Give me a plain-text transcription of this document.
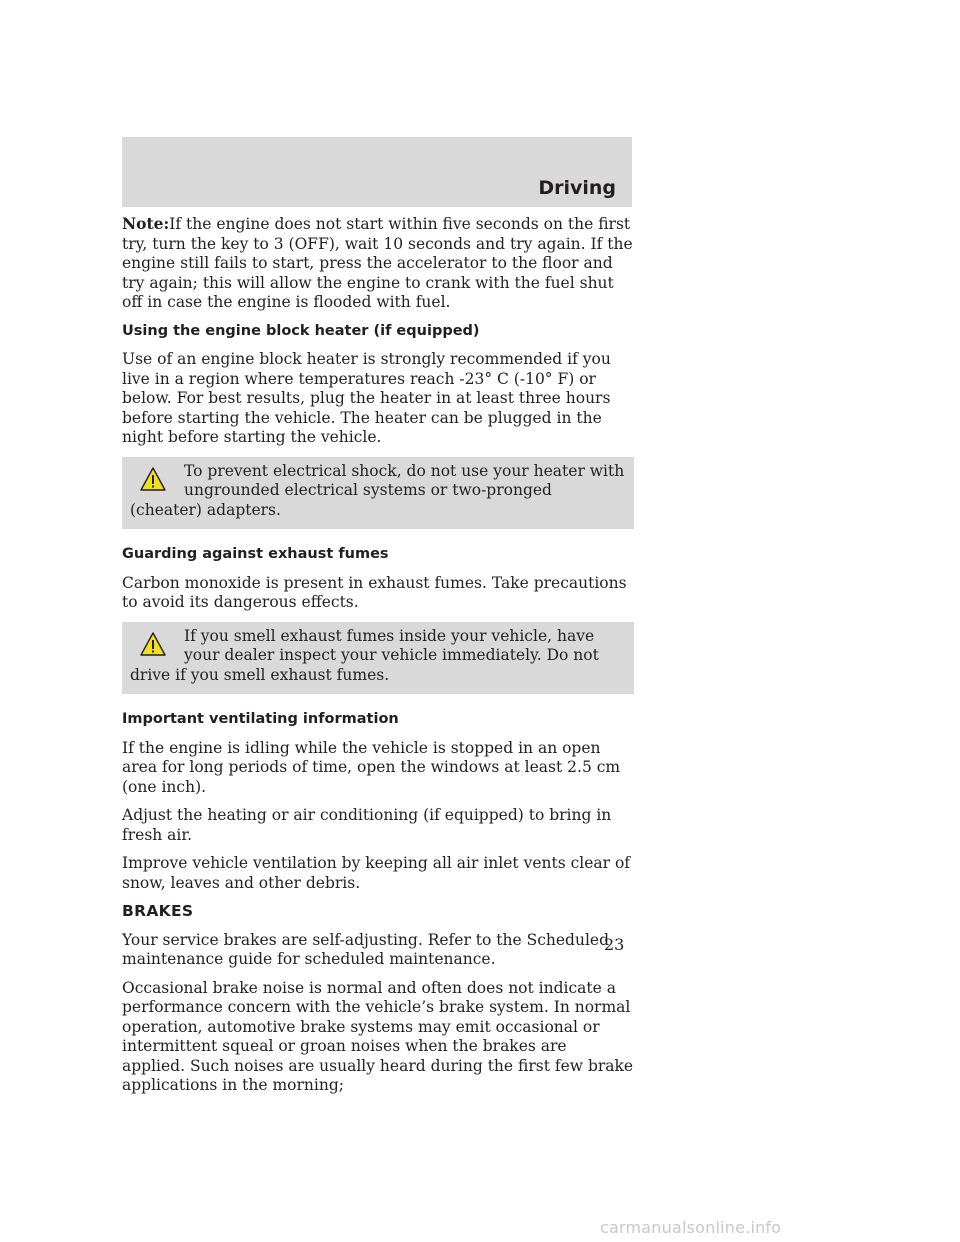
Driving

Note:If the engine does not start within five seconds on the first try, turn the key to 3 (OFF), wait 10 seconds and try again. If the engine still fails to start, press the accelerator to the floor and try again; this will allow the engine to crank with the fuel shut off in case the engine is flooded with fuel.

Using the engine block heater (if equipped)

Use of an engine block heater is strongly recommended if you live in a region where temperatures reach -23° C (-10° F) or below. For best results, plug the heater in at least three hours before starting the vehicle. The heater can be plugged in the night before starting the vehicle.

To prevent electrical shock, do not use your heater with ungrounded electrical systems or two-pronged (cheater) adapters.

Guarding against exhaust fumes

Carbon monoxide is present in exhaust fumes. Take precautions to avoid its dangerous effects.

If you smell exhaust fumes inside your vehicle, have your dealer inspect your vehicle immediately. Do not drive if you smell exhaust fumes.

Important ventilating information

If the engine is idling while the vehicle is stopped in an open area for long periods of time, open the windows at least 2.5 cm (one inch).

Adjust the heating or air conditioning (if equipped) to bring in fresh air.

Improve vehicle ventilation by keeping all air inlet vents clear of snow, leaves and other debris.

BRAKES

Your service brakes are self-adjusting. Refer to the Scheduled maintenance guide for scheduled maintenance.

Occasional brake noise is normal and often does not indicate a performance concern with the vehicle’s brake system. In normal operation, automotive brake systems may emit occasional or intermittent squeal or groan noises when the brakes are applied. Such noises are usually heard during the first few brake applications in the morning;

23
carmanualsonline.info
